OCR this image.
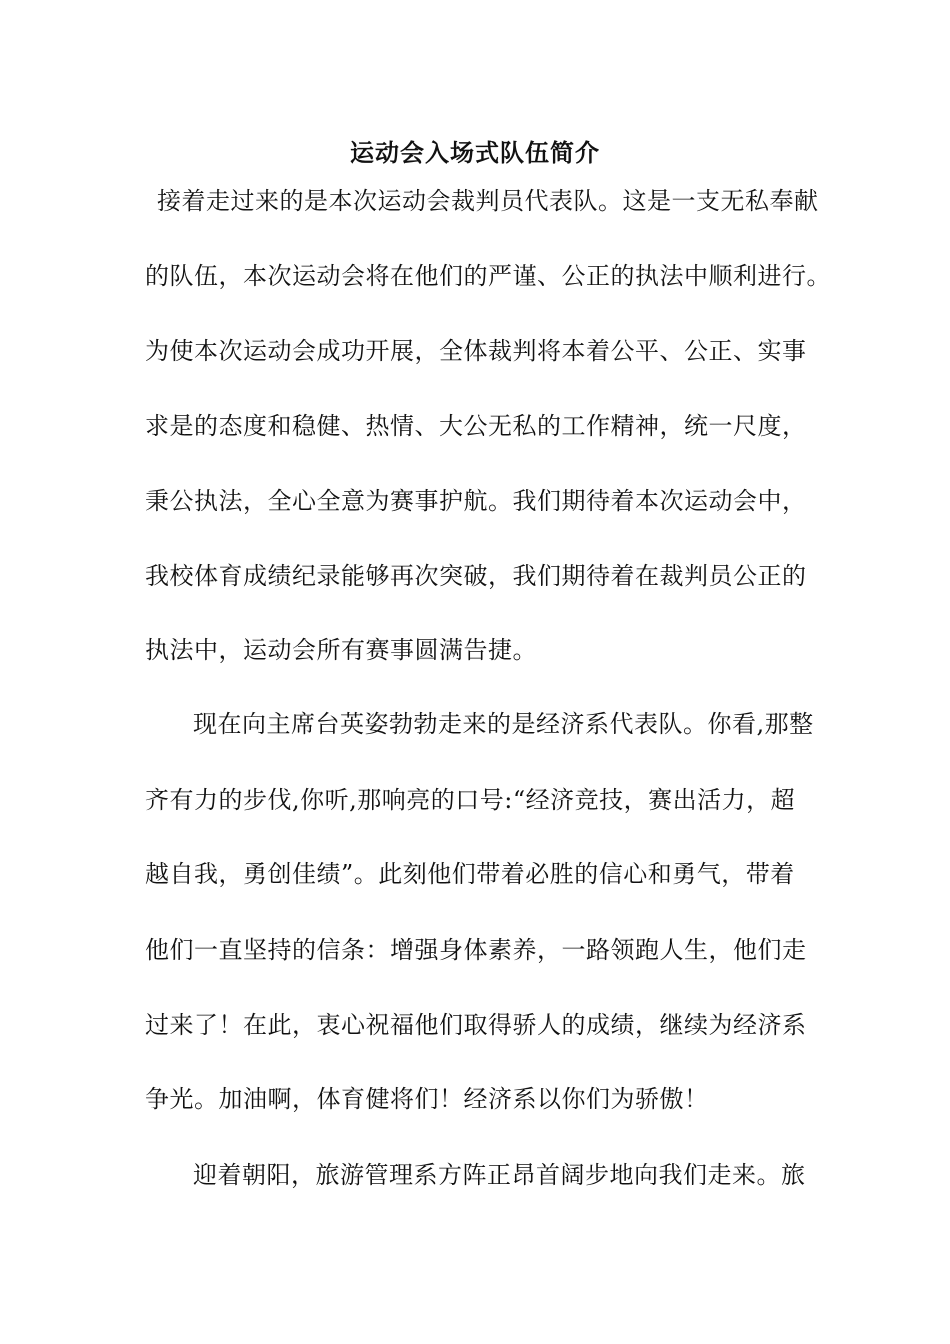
运动会入场式队伍简介
接着走过来的是本次运动会裁判员代表队。这是一支无私奉献
的队伍，本次运动会将在他们的严谨、公正的执法中顺利进行。
为使本次运动会成功开展，全体裁判将本着公平、公正、实事
求是的态度和稳健、热情、大公无私的工作精神，统一尺度，
秉公执法，全心全意为赛事护航。我们期待着本次运动会中，
我校体育成绩纪录能够再次突破，我们期待着在裁判员公正的
执法中，运动会所有赛事圆满告捷。
现在向主席台英姿勃勃走来的是经济系代表队。你看,那整
齐有力的步伐,你听,那响亮的口号:“经济竞技，赛出活力，超
越自我，勇创佳绩”。此刻他们带着必胜的信心和勇气，带着
他们一直坚持的信条：增强身体素养，一路领跑人生，他们走
过来了！在此，衷心祝福他们取得骄人的成绩，继续为经济系
争光。加油啊，体育健将们！经济系以你们为骄傲！
迎着朝阳，旅游管理系方阵正昂首阔步地向我们走来。旅
